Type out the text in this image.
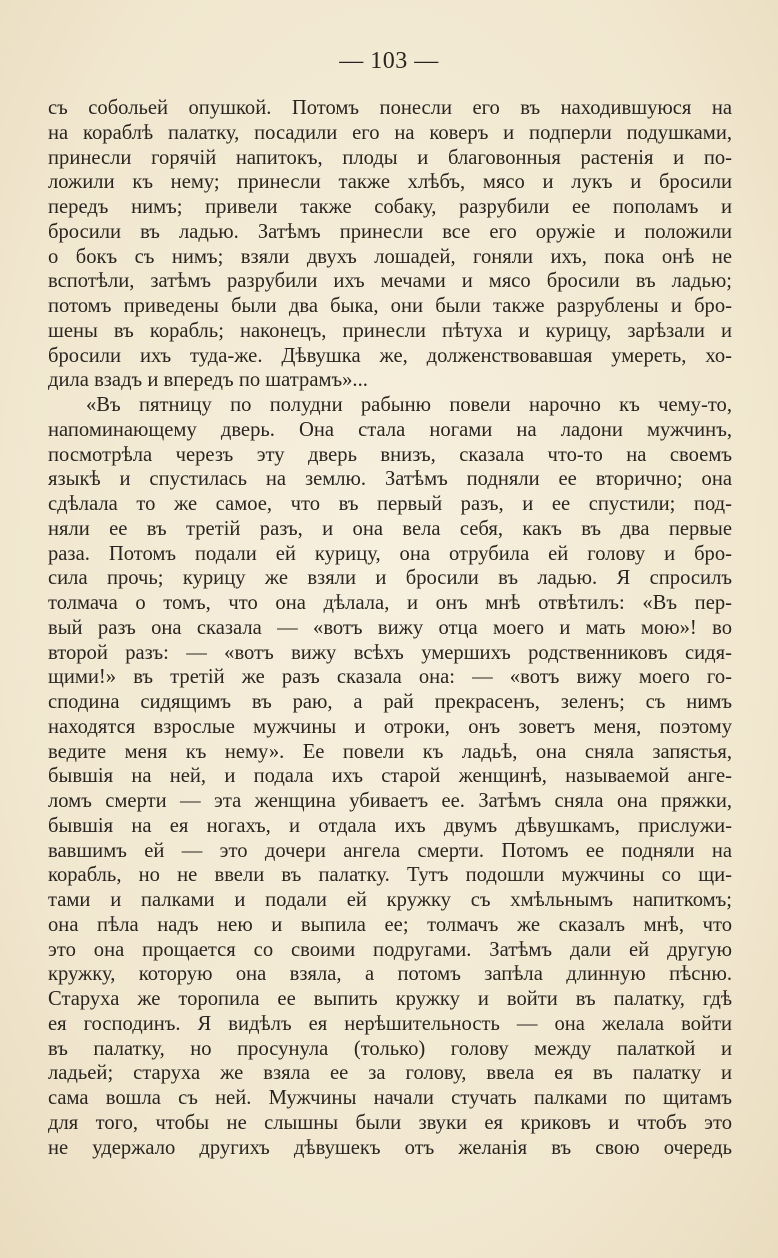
— 103 —
съ собольей опушкой. Потомъ понесли его въ находившуюся на
на кораблѣ палатку, посадили его на коверъ и подперли подушками,
принесли горячій напитокъ, плоды и благовонныя растенія и по-
ложили къ нему; принесли также хлѣбъ, мясо и лукъ и бросили
передъ нимъ; привели также собаку, разрубили ее пополамъ и
бросили въ ладью. Затѣмъ принесли все его оружіе и положили
о бокъ съ нимъ; взяли двухъ лошадей, гоняли ихъ, пока онѣ не
вспотѣли, затѣмъ разрубили ихъ мечами и мясо бросили въ ладью;
потомъ приведены были два быка, они были также разрублены и бро-
шены въ корабль; наконецъ, принесли пѣтуха и курицу, зарѣзали и
бросили ихъ туда-же. Дѣвушка же, долженствовавшая умереть, хо-
дила взадъ и впередъ по шатрамъ»...
«Въ пятницу по полудни рабыню повели нарочно къ чему-то,
напоминающему дверь. Она стала ногами на ладони мужчинъ,
посмотрѣла черезъ эту дверь внизъ, сказала что-то на своемъ
языкѣ и спустилась на землю. Затѣмъ подняли ее вторично; она
сдѣлала то же самое, что въ первый разъ, и ее спустили; под-
няли ее въ третій разъ, и она вела себя, какъ въ два первые
раза. Потомъ подали ей курицу, она отрубила ей голову и бро-
сила прочь; курицу же взяли и бросили въ ладью. Я спросилъ
толмача о томъ, что она дѣлала, и онъ мнѣ отвѣтилъ: «Въ пер-
вый разъ она сказала — «вотъ вижу отца моего и мать мою»! во
второй разъ: — «вотъ вижу всѣхъ умершихъ родственниковъ сидя-
щими!» въ третій же разъ сказала она: — «вотъ вижу моего го-
сподина сидящимъ въ раю, а рай прекрасенъ, зеленъ; съ нимъ
находятся взрослые мужчины и отроки, онъ зоветъ меня, поэтому
ведите меня къ нему». Ее повели къ ладьѣ, она сняла запястья,
бывшія на ней, и подала ихъ старой женщинѣ, называемой анге-
ломъ смерти — эта женщина убиваетъ ее. Затѣмъ сняла она пряжки,
бывшія на ея ногахъ, и отдала ихъ двумъ дѣвушкамъ, прислужи-
вавшимъ ей — это дочери ангела смерти. Потомъ ее подняли на
корабль, но не ввели въ палатку. Тутъ подошли мужчины со щи-
тами и палками и подали ей кружку съ хмѣльнымъ напиткомъ;
она пѣла надъ нею и выпила ее; толмачъ же сказалъ мнѣ, что
это она прощается со своими подругами. Затѣмъ дали ей другую
кружку, которую она взяла, а потомъ запѣла длинную пѣсню.
Старуха же торопила ее выпить кружку и войти въ палатку, гдѣ
ея господинъ. Я видѣлъ ея нерѣшительность — она желала войти
въ палатку, но просунула (только) голову между палаткой и
ладьей; старуха же взяла ее за голову, ввела ея въ палатку и
сама вошла съ ней. Мужчины начали стучать палками по щитамъ
для того, чтобы не слышны были звуки ея криковъ и чтобъ это
не удержало другихъ дѣвушекъ отъ желанія въ свою очередь
